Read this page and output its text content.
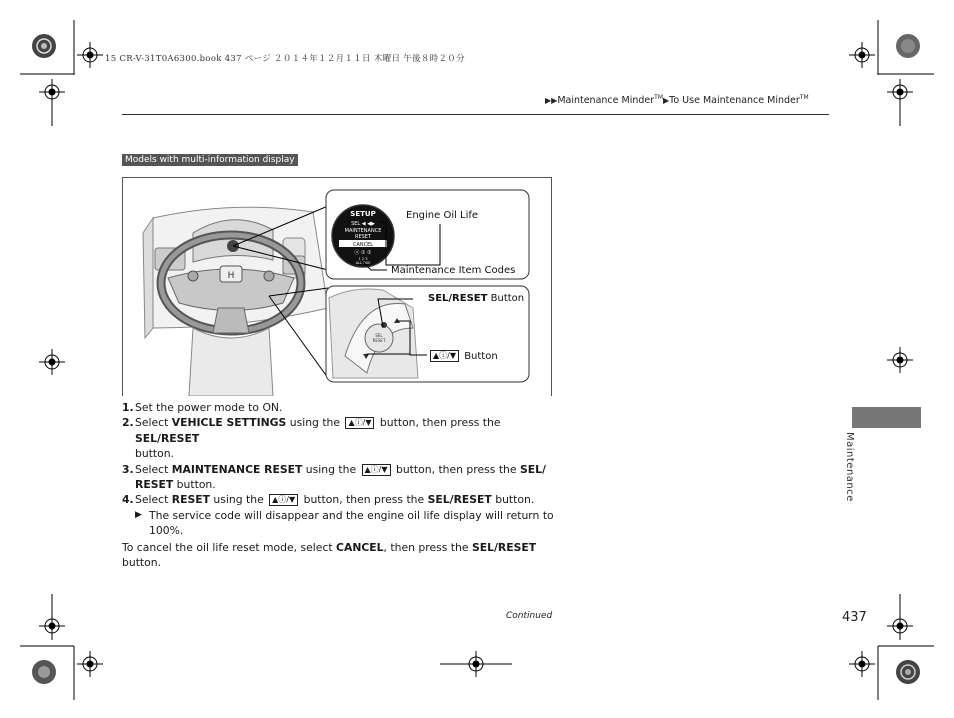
15 CR-V-31T0A6300.book 437 ページ ２０１４年１２月１１日 木曜日 午後８時２０分
▶▶Maintenance Minder™▶To Use Maintenance Minder™
Models with multi-information display
H
SETUP
SEL ◀ ◀▶
MAINTENANCE
RESET
CANCEL
ⓐ ① ①
1 2 3
ALL DUE
SEL
RESET
Engine Oil Life
Maintenance Item Codes
SEL/RESET Button
▲ⓘ/▼ Button
1. Set the power mode to ON.
2. Select VEHICLE SETTINGS using the ▲ⓘ/▼ button, then press the SEL/RESET
button.
3. Select MAINTENANCE RESET using the ▲ⓘ/▼ button, then press the SEL/
RESET button.
4. Select RESET using the ▲ⓘ/▼ button, then press the SEL/RESET button.
▶ The service code will disappear and the engine oil life display will return to 100%.
To cancel the oil life reset mode, select CANCEL, then press the SEL/RESET button.
Maintenance
Continued	437
